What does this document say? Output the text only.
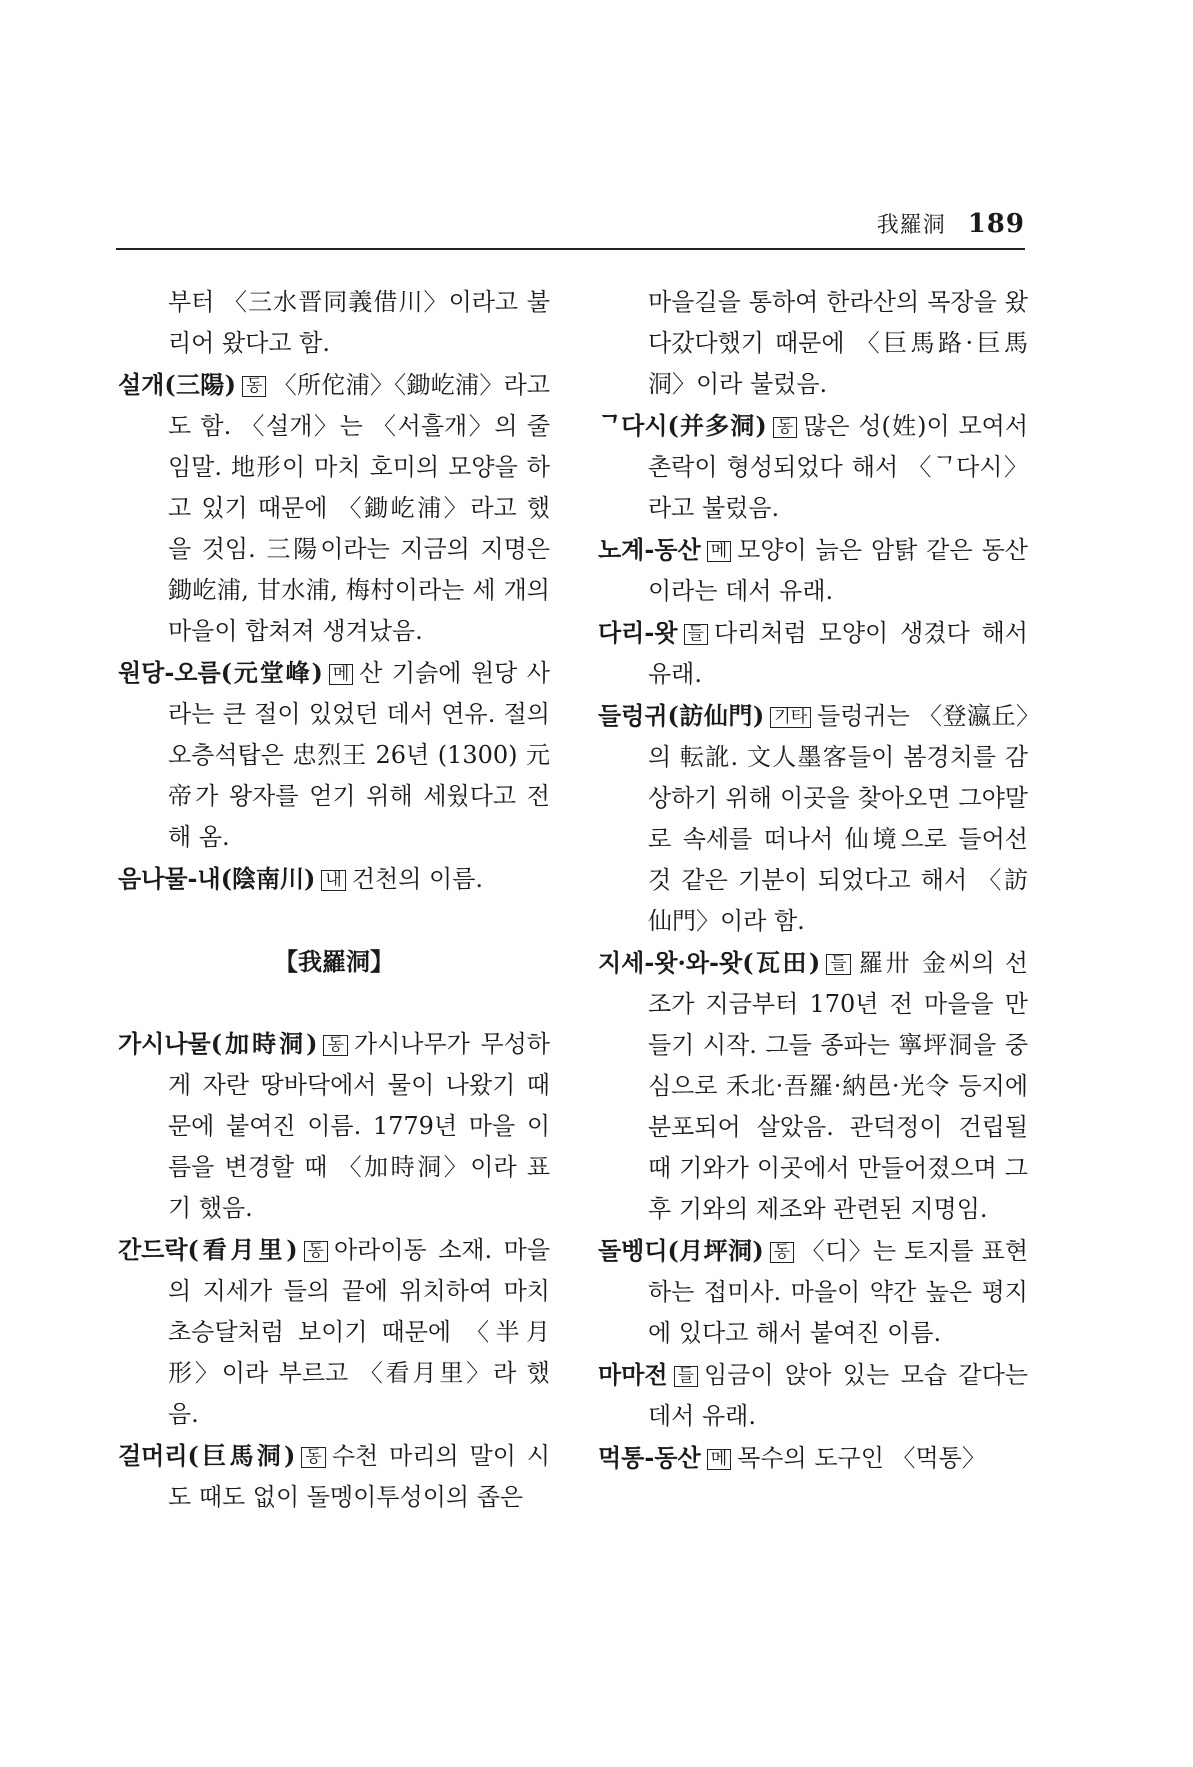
我羅洞 189

부터 〈三水晋同義借川〉이라고 불리어 왔다고 함.

설개(三陽) 동 〈所佗浦〉〈鋤屹浦〉라고 도 함. 〈설개〉는 〈서흘개〉의 줄임말. 地形이 마치 호미의 모양을 하고 있기 때문에 〈鋤屹浦〉라고 했을 것임. 三陽이라는 지금의 지명은 鋤屹浦, 甘水浦, 梅村이라는 세 개의 마을이 합쳐져 생겨났음.

원당-오름(元堂峰) 메 산 기슭에 원당 사라는 큰 절이 있었던 데서 연유. 절의 오층석탑은 忠烈王 26년 (1300) 元帝가 왕자를 얻기 위해 세웠다고 전해 옴.

음나물-내(陰南川) 내 건천의 이름.

【我羅洞】

가시나물(加時洞) 동 가시나무가 무성하게 자란 땅바닥에서 물이 나왔기 때문에 붙여진 이름. 1779년 마을 이름을 변경할 때 〈加時洞〉이라 표기 했음.

간드락(看月里) 동 아라이동 소재. 마을의 지세가 들의 끝에 위치하여 마치 초승달처럼 보이기 때문에 〈半月形〉이라 부르고 〈看月里〉라 했음.

걸머리(巨馬洞) 동 수천 마리의 말이 시도 때도 없이 돌멩이투성이의 좁은

마을길을 통하여 한라산의 목장을 왔다갔다했기 때문에 〈巨馬路·巨馬洞〉이라 불렀음.

ᄀ다시(并多洞) 동 많은 성(姓)이 모여서 촌락이 형성되었다 해서 〈ᄀ다시〉라고 불렀음.

노계-동산 메 모양이 늙은 암탉 같은 동산이라는 데서 유래.

다리-왓 들 다리처럼 모양이 생겼다 해서 유래.

들렁귀(訪仙門) 기타 들렁귀는 〈登瀛丘〉의 転訛. 文人墨客들이 봄경치를 감상하기 위해 이곳을 찾아오면 그야말로 속세를 떠나서 仙境으로 들어선 것 같은 기분이 되었다고 해서 〈訪仙門〉이라 함.

지세-왓·와-왓(瓦田) 들 羅卅 金씨의 선조가 지금부터 170년 전 마을을 만들기 시작. 그들 종파는 寧坪洞을 중심으로 禾北·吾羅·納邑·光令 등지에 분포되어 살았음. 관덕정이 건립될 때 기와가 이곳에서 만들어졌으며 그 후 기와의 제조와 관련된 지명임.

돌벵디(月坪洞) 동 〈디〉는 토지를 표현하는 접미사. 마을이 약간 높은 평지에 있다고 해서 붙여진 이름.

마마전 들 임금이 앉아 있는 모습 같다는 데서 유래.

먹통-동산 메 목수의 도구인 〈먹통〉
